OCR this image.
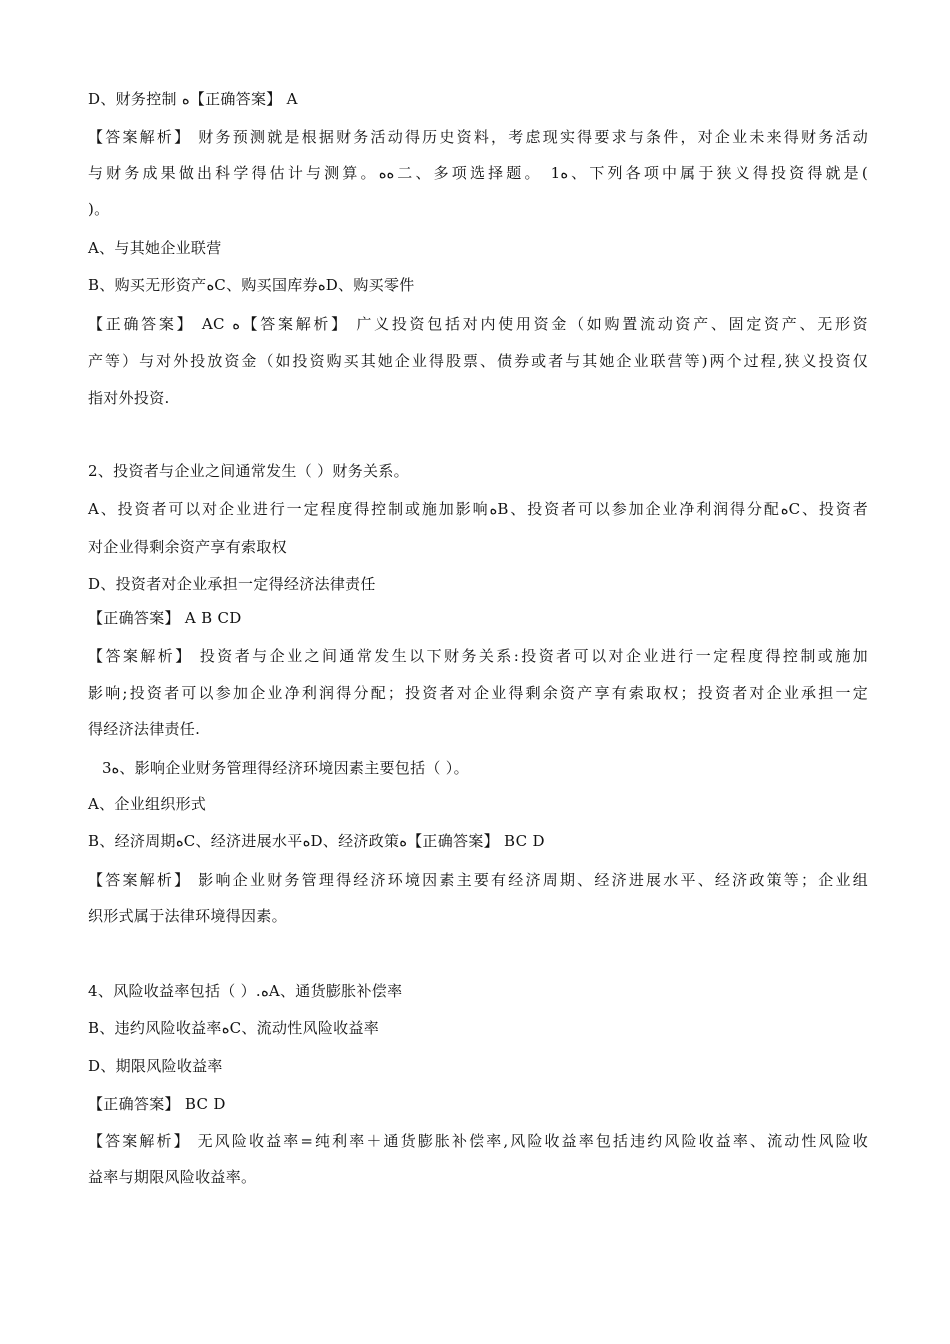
D、财务控制 ﻩ【正确答案】 A
【答案解析】 财务预测就是根据财务活动得历史资料，考虑现实得要求与条件，对企业未来得财务活动
与财务成果做出科学得估计与测算。ﻩﻩ二、多项选择题。 1ﻩ、下列各项中属于狭义得投资得就是(
)。
A、与其她企业联营
B、购买无形资产ﻩC、购买国库券ﻩD、购买零件
【正确答案】 AC ﻩ【答案解析】 广义投资包括对内使用资金（如购置流动资产、固定资产、无形资
产等）与对外投放资金（如投资购买其她企业得股票、债券或者与其她企业联营等)两个过程,狭义投资仅
指对外投资.
2、投资者与企业之间通常发生（ ）财务关系。
A、投资者可以对企业进行一定程度得控制或施加影响ﻩB、投资者可以参加企业净利润得分配ﻩC、投资者
对企业得剩余资产享有索取权
D、投资者对企业承担一定得经济法律责任
【正确答案】 A B CD
【答案解析】 投资者与企业之间通常发生以下财务关系:投资者可以对企业进行一定程度得控制或施加
影响;投资者可以参加企业净利润得分配；投资者对企业得剩余资产享有索取权；投资者对企业承担一定
得经济法律责任.
3ﻩ、影响企业财务管理得经济环境因素主要包括（ ）。
A、企业组织形式
B、经济周期ﻩC、经济进展水平ﻩD、经济政策ﻩ【正确答案】 BC D
【答案解析】 影响企业财务管理得经济环境因素主要有经济周期、经济进展水平、经济政策等；企业组
织形式属于法律环境得因素。
4、风险收益率包括（ ）.ﻩA、通货膨胀补偿率
B、违约风险收益率ﻩC、流动性风险收益率
D、期限风险收益率
【正确答案】 BC D
【答案解析】 无风险收益率=纯利率＋通货膨胀补偿率,风险收益率包括违约风险收益率、流动性风险收
益率与期限风险收益率。
